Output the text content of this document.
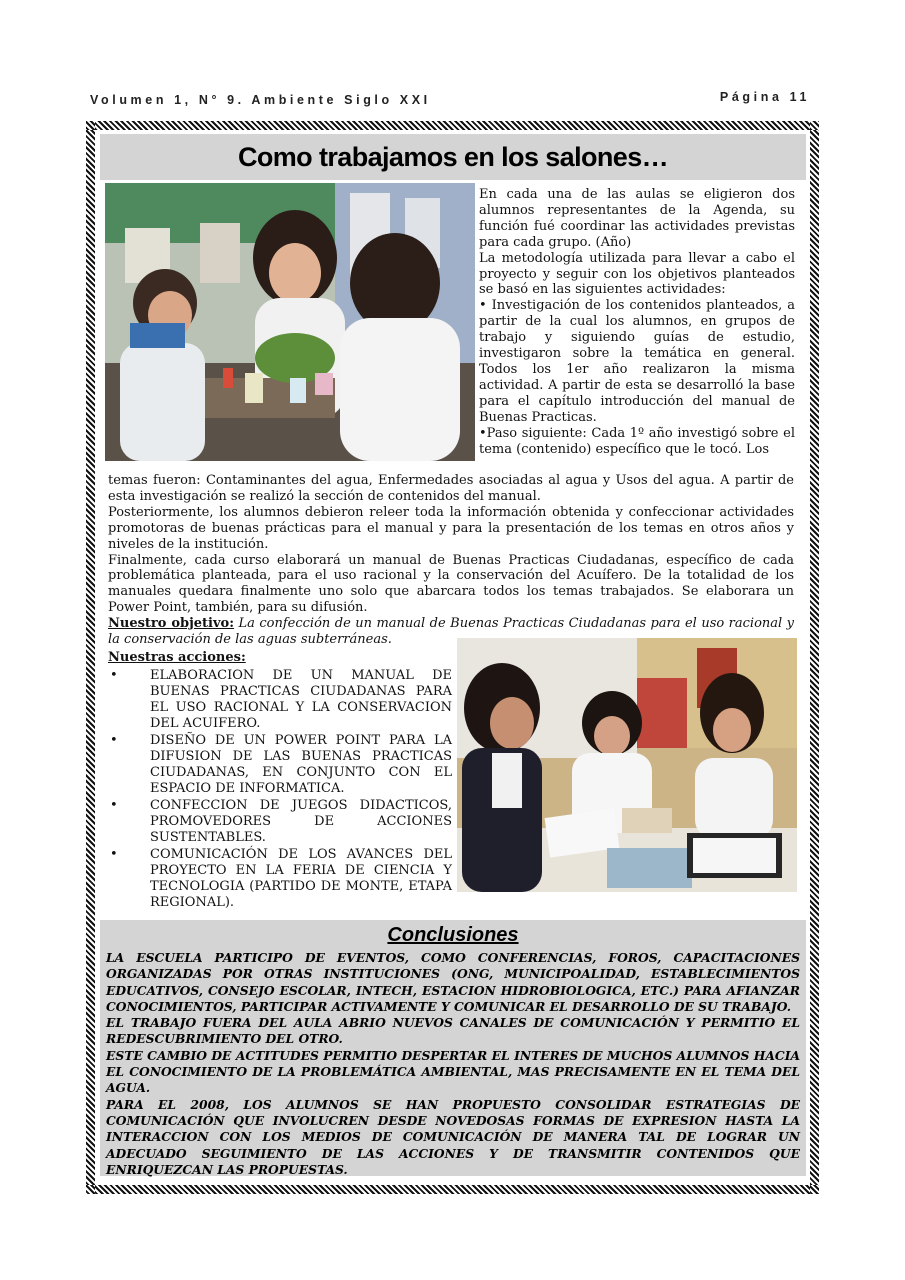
Volumen 1, N° 9. Ambiente Siglo XXI	Página 11
Como trabajamos en los salones…

En cada una de las aulas se eligieron dos alumnos representantes de la Agenda, su función fué coordinar las actividades previstas para cada grupo. (Año)
La metodología utilizada para llevar a cabo el proyecto y seguir con los objetivos planteados se basó en las siguientes actividades:
• Investigación de los contenidos planteados, a partir de la cual los alumnos, en grupos de trabajo y siguiendo guías de estudio, investigaron sobre la temática en general. Todos los 1er año realizaron la misma actividad. A partir de esta se desarrolló la base para el capítulo introducción del manual de Buenas Practicas.
•Paso siguiente: Cada 1º año investigó sobre el tema (contenido) específico que le tocó. Los

temas fueron: Contaminantes del agua, Enfermedades asociadas al agua y Usos del agua. A partir de esta investigación se realizó la sección de contenidos del manual.
Posteriormente, los alumnos debieron releer toda la información obtenida y confeccionar actividades promotoras de buenas prácticas para el manual y para la presentación de los temas en otros años y niveles de la institución.
Finalmente, cada curso elaborará un manual de Buenas Practicas Ciudadanas, específico de cada problemática planteada, para el uso racional y la conservación del Acuífero. De la totalidad de los manuales quedara finalmente uno solo que abarcara todos los temas trabajados. Se elaborara un Power Point, también, para su difusión.
Nuestro objetivo: La confección de un manual de Buenas Practicas Ciudadanas para el uso racional y la conservación de las aguas subterráneas.

Nuestras acciones:
• ELABORACION DE UN MANUAL DE BUENAS PRACTICAS CIUDADANAS PARA EL USO RACIONAL Y LA CONSERVACION DEL ACUIFERO.
• DISEÑO DE UN POWER POINT PARA LA DIFUSION DE LAS BUENAS PRACTICAS CIUDADANAS, EN CONJUNTO CON EL ESPACIO DE INFORMATICA.
• CONFECCION DE JUEGOS DIDACTICOS, PROMOVEDORES DE ACCIONES SUSTENTABLES.
• COMUNICACIÓN DE LOS AVANCES DEL PROYECTO EN LA FERIA DE CIENCIA Y TECNOLOGIA (PARTIDO DE MONTE, ETAPA REGIONAL).
Conclusiones

LA ESCUELA PARTICIPO DE EVENTOS, COMO CONFERENCIAS, FOROS, CAPACITACIONES ORGANIZADAS POR OTRAS INSTITUCIONES (ONG, MUNICIPOALIDAD, ESTABLECIMIENTOS EDUCATIVOS, CONSEJO ESCOLAR, INTECH, ESTACION HIDROBIOLOGICA, ETC.) PARA AFIANZAR CONOCIMIENTOS, PARTICIPAR ACTIVAMENTE Y COMUNICAR EL DESARROLLO DE SU TRABAJO.
EL TRABAJO FUERA DEL AULA ABRIO NUEVOS CANALES DE COMUNICACIÓN Y PERMITIO EL REDESCUBRIMIENTO DEL OTRO.
ESTE CAMBIO DE ACTITUDES PERMITIO DESPERTAR EL INTERES DE MUCHOS ALUMNOS HACIA EL CONOCIMIENTO DE LA PROBLEMÁTICA AMBIENTAL, MAS PRECISAMENTE EN EL TEMA DEL AGUA.
PARA EL 2008, LOS ALUMNOS SE HAN PROPUESTO CONSOLIDAR ESTRATEGIAS DE COMUNICACIÓN QUE INVOLUCREN DESDE NOVEDOSAS FORMAS DE EXPRESION HASTA LA INTERACCION CON LOS MEDIOS DE COMUNICACIÓN DE MANERA TAL DE LOGRAR UN ADECUADO SEGUIMIENTO DE LAS ACCIONES Y DE TRANSMITIR CONTENIDOS QUE ENRIQUEZCAN LAS PROPUESTAS.
